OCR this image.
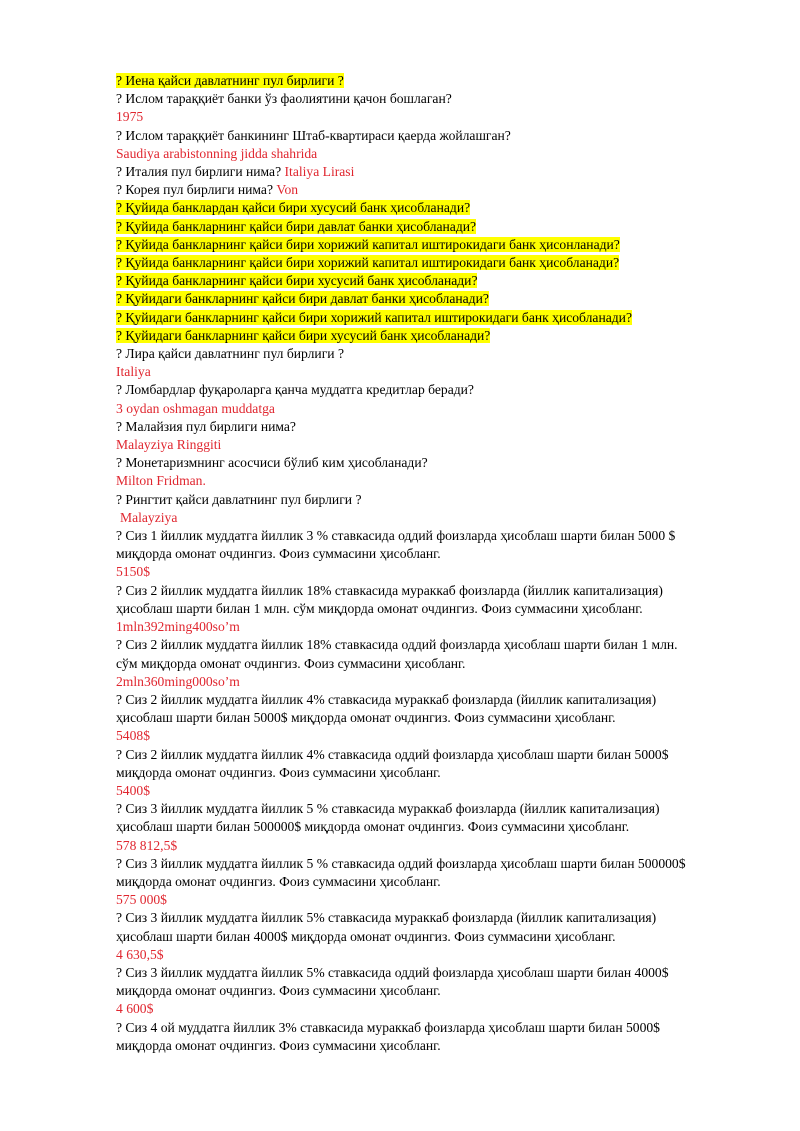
? Иена қайси давлатнинг пул бирлиги ?

? Ислом тараққиёт банки ўз фаолиятини қачон бошлаган?

1975

? Ислом тараққиёт банкининг Штаб-квартираси қаерда жойлашган?

Saudiya arabistonning jidda shahrida

? Италия пул бирлиги нима? Italiya Lirasi

? Корея пул бирлиги нима? Von

? Қуйида банклардан қайси бири хусусий банк ҳисобланади?

? Қуйида банкларнинг қайси бири давлат банки ҳисобланади?

? Қуйида банкларнинг қайси бири хорижий капитал иштирокидаги банк ҳисонланади?

? Қуйида банкларнинг қайси бири хорижий капитал иштирокидаги банк ҳисобланади?

? Қуйида банкларнинг қайси бири хусусий банк ҳисобланади?

? Қуйидаги банкларнинг қайси бири давлат банки ҳисобланади?

? Қуйидаги банкларнинг қайси бири хорижий капитал иштирокидаги банк ҳисобланади?

? Қуйидаги банкларнинг қайси бири хусусий банк ҳисобланади?

? Лира қайси давлатнинг пул бирлиги ?

Italiya

? Ломбардлар фуқароларга қанча муддатга кредитлар беради?

3 oydan oshmagan muddatga

? Малайзия пул бирлиги нима?

Malayziya Ringgiti

? Монетаризмнинг асосчиси бўлиб ким ҳисобланади?

Milton Fridman.

? Рингтит қайси давлатнинг пул бирлиги ?

Malayziya

? Сиз 1 йиллик муддатга йиллик 3 % ставкасида оддий фоизларда ҳисоблаш шарти билан 5000 $

миқдорда омонат очдингиз. Фоиз суммасини ҳисобланг.

5150$

? Сиз 2 йиллик муддатга йиллик 18% ставкасида мураккаб фоизларда (йиллик капитализация)

ҳисоблаш шарти билан 1 млн. сўм миқдорда омонат очдингиз. Фоиз суммасини ҳисобланг.

1mln392ming400so’m

? Сиз 2 йиллик муддатга йиллик 18% ставкасида оддий фоизларда ҳисоблаш шарти билан 1 млн.

сўм миқдорда омонат очдингиз. Фоиз суммасини ҳисобланг.

2mln360ming000so’m

? Сиз 2 йиллик муддатга йиллик 4% ставкасида мураккаб фоизларда (йиллик капитализация)

ҳисоблаш шарти билан 5000$ миқдорда омонат очдингиз. Фоиз суммасини ҳисобланг.

5408$

? Сиз 2 йиллик муддатга йиллик 4% ставкасида оддий фоизларда ҳисоблаш шарти билан 5000$

миқдорда омонат очдингиз. Фоиз суммасини ҳисобланг.

5400$

? Сиз 3 йиллик муддатга йиллик 5 % ставкасида мураккаб фоизларда (йиллик капитализация)

ҳисоблаш шарти билан 500000$ миқдорда омонат очдингиз. Фоиз суммасини ҳисобланг.

578 812,5$

? Сиз 3 йиллик муддатга йиллик 5 % ставкасида оддий фоизларда ҳисоблаш шарти билан 500000$

миқдорда омонат очдингиз. Фоиз суммасини ҳисобланг.

575 000$

? Сиз 3 йиллик муддатга йиллик 5% ставкасида мураккаб фоизларда (йиллик капитализация)

ҳисоблаш шарти билан 4000$ миқдорда омонат очдингиз. Фоиз суммасини ҳисобланг.

4 630,5$

? Сиз 3 йиллик муддатга йиллик 5% ставкасида оддий фоизларда ҳисоблаш шарти билан 4000$

миқдорда омонат очдингиз. Фоиз суммасини ҳисобланг.

4 600$

? Сиз 4 ой муддатга йиллик 3% ставкасида мураккаб фоизларда ҳисоблаш шарти билан 5000$

миқдорда омонат очдингиз. Фоиз суммасини ҳисобланг.
